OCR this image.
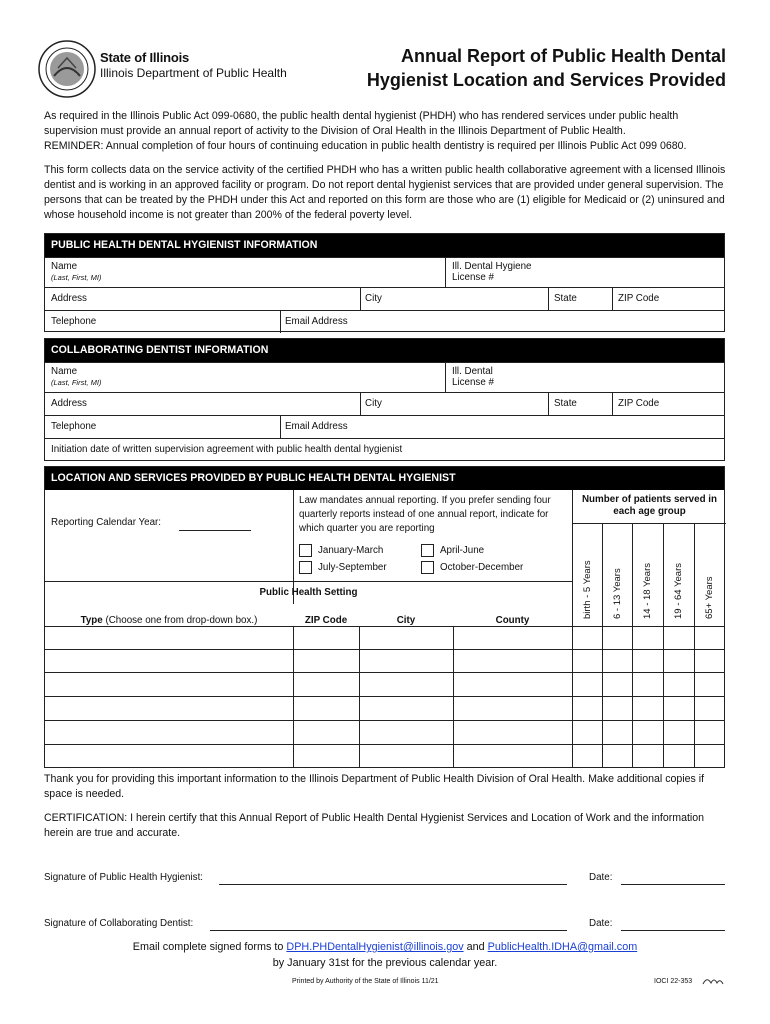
State of Illinois
Illinois Department of Public Health
Annual Report of Public Health Dental
Hygienist Location and Services Provided
As required in the Illinois Public Act 099-0680, the public health dental hygienist (PHDH) who has rendered services under public health supervision must provide an annual report of activity to the Division of Oral Health in the Illinois Department of Public Health.
REMINDER: Annual completion of four hours of continuing education in public health dentistry is required per Illinois Public Act 099 0680.
This form collects data on the service activity of the certified PHDH who has a written public health collaborative agreement with a licensed Illinois dentist and is working in an approved facility or program. Do not report dental hygienist services that are provided under general supervision. The persons that can be treated by the PHDH under this Act and reported on this form are those who are (1) eligible for Medicaid or (2) uninsured and whose household income is not greater than 200% of the federal poverty level.
PUBLIC HEALTH DENTAL HYGIENIST INFORMATION
Name
(Last, First, MI)
Ill. Dental Hygiene License #
Address	City	State	ZIP Code
Telephone	Email Address
COLLABORATING DENTIST INFORMATION
Name
(Last, First, MI)
Ill. Dental License #
Address	City	State	ZIP Code
Telephone	Email Address
Initiation date of written supervision agreement with public health dental hygienist
LOCATION AND SERVICES PROVIDED BY PUBLIC HEALTH DENTAL HYGIENIST
Reporting Calendar Year:
Law mandates annual reporting. If you prefer sending four quarterly reports instead of one annual report, indicate for which quarter you are reporting
January-March	April-June
July-September	October-December
Number of patients served in each age group
birth - 5 Years 6 - 13 Years 14 - 18 Years 19 - 64 Years 65+ Years
Public Health Setting
Type (Choose one from drop-down box.)	ZIP Code	City	County
Thank you for providing this important information to the Illinois Department of Public Health Division of Oral Health. Make additional copies if space is needed.
CERTIFICATION: I herein certify that this Annual Report of Public Health Dental Hygienist Services and Location of Work and the information herein are true and accurate.
Signature of Public Health Hygienist:	Date:
Signature of Collaborating Dentist:	Date:
Email complete signed forms to DPH.PHDentalHygienist@illinois.gov and PublicHealth.IDHA@gmail.com
by January 31st for the previous calendar year.
Printed by Authority of the State of Illinois 11/21	IOCI 22-353
